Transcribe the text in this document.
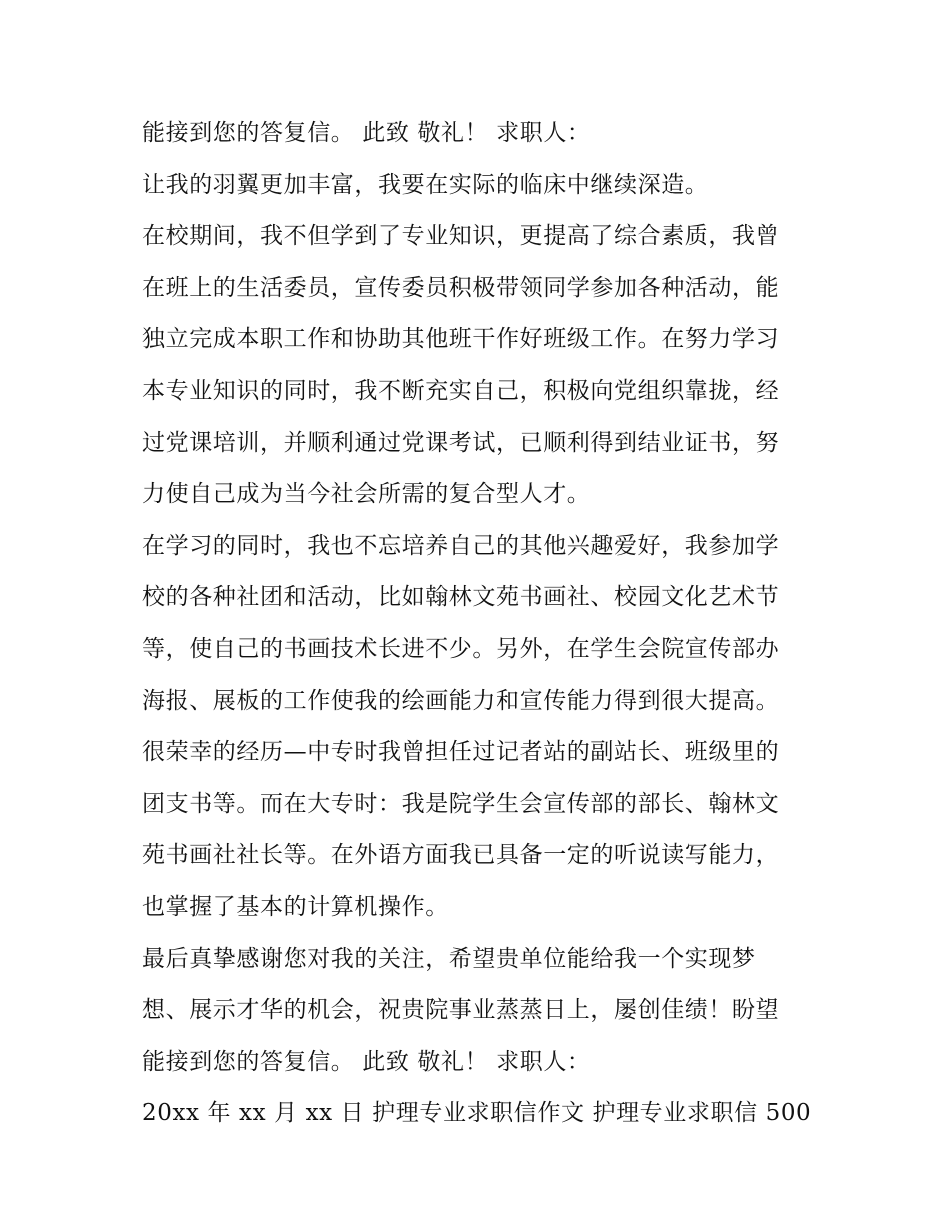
能接到您的答复信。 此致 敬礼！ 求职人：
让我的羽翼更加丰富，我要在实际的临床中继续深造。
在校期间，我不但学到了专业知识，更提高了综合素质，我曾
在班上的生活委员，宣传委员积极带领同学参加各种活动，能
独立完成本职工作和协助其他班干作好班级工作。在努力学习
本专业知识的同时，我不断充实自己，积极向党组织靠拢，经
过党课培训，并顺利通过党课考试，已顺利得到结业证书，努
力使自己成为当今社会所需的复合型人才。
在学习的同时，我也不忘培养自己的其他兴趣爱好，我参加学
校的各种社团和活动，比如翰林文苑书画社、校园文化艺术节
等，使自己的书画技术长进不少。另外，在学生会院宣传部办
海报、展板的工作使我的绘画能力和宣传能力得到很大提高。
很荣幸的经历—中专时我曾担任过记者站的副站长、班级里的
团支书等。而在大专时：我是院学生会宣传部的部长、翰林文
苑书画社社长等。在外语方面我已具备一定的听说读写能力，
也掌握了基本的计算机操作。
最后真挚感谢您对我的关注，希望贵单位能给我一个实现梦
想、展示才华的机会，祝贵院事业蒸蒸日上，屡创佳绩！盼望
能接到您的答复信。 此致 敬礼！ 求职人：
20xx 年 xx 月 xx 日 护理专业求职信作文 护理专业求职信 500
